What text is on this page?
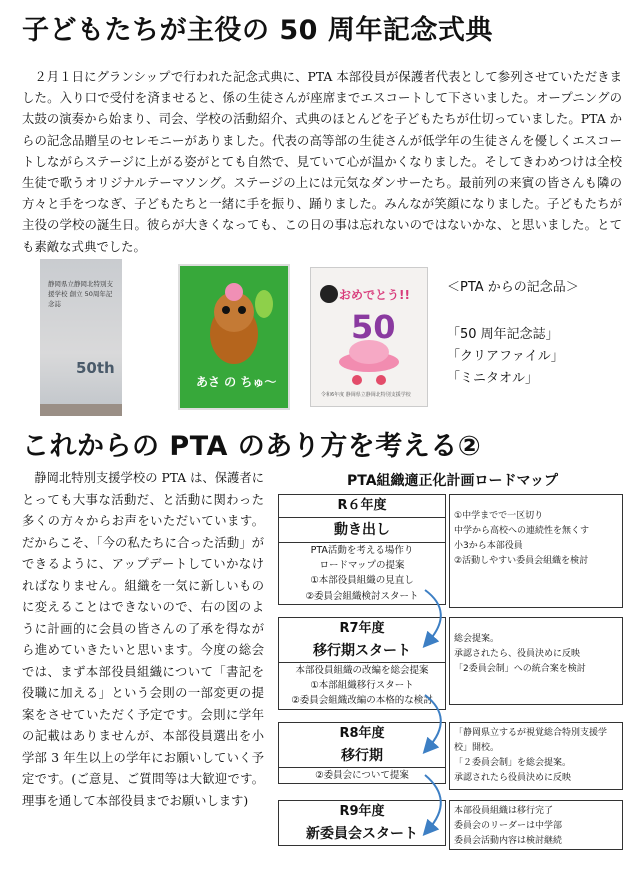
子どもたちが主役の 50 周年記念式典

２月１日にグランシップで行われた記念式典に、PTA 本部役員が保護者代表として参列させていただきました。入り口で受付を済ませると、係の生徒さんが座席までエスコートして下さいました。オープニングの太鼓の演奏から始まり、司会、学校の活動紹介、式典のほとんどを子どもたちが仕切っていました。PTA からの記念品贈呈のセレモニーがありました。代表の高等部の生徒さんが低学年の生徒さんを優しくエスコートしながらステージに上がる姿がとても自然で、見ていて心が温かくなりました。そしてきわめつけは全校生徒で歌うオリジナルテーマソング。ステージの上には元気なダンサーたち。最前列の来賓の皆さんも隣の方々と手をつなぎ、子どもたちと一緒に手を振り、踊りました。みんなが笑顔になりました。子どもたちが主役の学校の誕生日。彼らが大きくなっても、この日の事は忘れないのではないかな、と思いました。とても素敵な式典でした。

静岡県立静岡北特別支援学校 創立 50周年記念誌
50th
あさ の ちゅ～
おめでとう!!
50
令和6年度 静岡県立静岡北特別支援学校
＜PTA からの記念品＞
「50 周年記念誌」
「クリアファイル」
「ミニタオル」
これからの PTA のあり方を考える②

静岡北特別支援学校の PTA は、保護者にとっても大事な活動だ、と活動に関わった多くの方々からお声をいただいています。だからこそ、「今の私たちに合った活動」ができるように、アップデートしていかなければなりません。組織を一気に新しいものに変えることはできないので、右の図のように計画的に会員の皆さんの了承を得ながら進めていきたいと思います。今度の総会では、まず本部役員組織について「書記を役職に加える」という会則の一部変更の提案をさせていただく予定です。会則に学年の記載はありませんが、本部役員選出を小学部 3 年生以上の学年にお願いしていく予定です。(ご意見、ご質問等は大歓迎です。理事を通して本部役員までお願いします)

PTA組織適正化計画ロードマップ
R６年度
動き出し
PTA活動を考える場作り
ロードマップの提案
①本部役員組織の見直し
②委員会組織検討スタート
①中学までで一区切り
中学から高校への連続性を無くす
小3から本部役員
②活動しやすい委員会組織を検討
R7年度
移行期スタート
本部役員組織の改編を総会提案
①本部組織移行スタート
②委員会組織改編の本格的な検討
総会提案。
承認されたら、役員決めに反映
「2委員会制」への統合案を検討
R8年度
移行期
②委員会について提案
「静岡県立するが視覚総合特別支援学校」開校。
「２委員会制」を総会提案。
承認されたら役員決めに反映
R9年度
新委員会スタート
本部役員組織は移行完了
委員会のリーダーは中学部
委員会活動内容は検討継続
